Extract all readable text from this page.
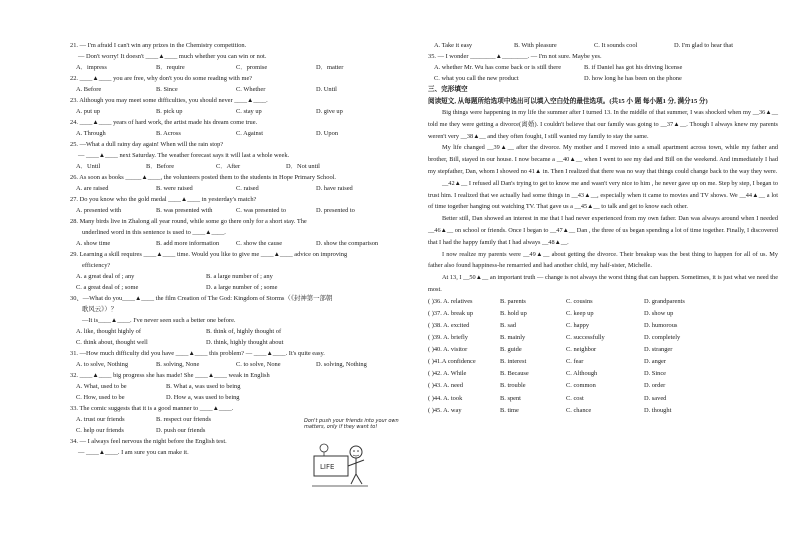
21. — I'm afraid I can't win any prizes in the Chemistry competition.
— Don't worry! It doesn't ____▲____ much whether you can win or not.
A．impress	B．require	C．promise	D．matter
22. ____▲____ you are free, why don't you do some reading with me?
A. Before	B. Since	C. Whether	D. Until
23. Although you may meet some difficulties, you should never ____▲____.
A. put up	B. pick up	C. stay up	D. give up
24. ____▲____ years of hard work, the artist made his dream come true.
A. Through	B. Across	C. Against	D. Upon
25. —What a dull rainy day again! When will the rain stop?
— ____▲____ next Saturday. The weather forecast says it will last a whole week.
A．Until	B．Before	C．After	D．Not until
26. As soon as books _____▲____, the volunteers posted them to the students in Hope Primary School.
A. are raised	B. were raised	C. raised	D. have raised
27. Do you know who the gold medal ____▲____ in yesterday's match?
A. presented with	B. was presented with	C. was presented to	D. presented to
28. Many birds live in Zhalong all year round, while some go there only for a short stay. The
underlined word in this sentence is used to ____▲____.
A. show time	B. add more information	C. show the cause	D. show the comparison
29. Learning a skill requires ____▲____ time. Would you like to give me ____▲____ advice on improving
efficiency?
A. a great deal of ; any	B. a large number of ; any
C. a great deal of ; some	D. a large number of ; some
30、—What do you____▲____ the film Creation of The God: Kingdom of Storms（《封神第一部朝
歌风云》）？
—It is____▲____. I've never seen such a better one before.
A. like, thought highly of	B. think of, highly thought of
C. think about, thought well	D. think, highly thought about
31. —How much difficulty did you have ____▲____ this problem? — ____▲____. It's quite easy.
A. to solve, Nothing	B. solving, None	C. to solve, None	D. solving, Nothing
32. ____▲____ big progress she has made! She ____▲____ weak in English
A. What, used to be	B. What a, was used to being
C. How, used to be	D. How a, was used to being
33. The comic suggests that it is a good manner to ____▲____.
A. trust our friends	B. respect our friends
C. help our friends	D. push our friends
34. — I always feel nervous the night before the English test.
— ____▲____. I am sure you can make it.
Don't push your friends into your own matters, only if they want to!
LIFE
A. Take it easy	B. With pleasure	C. It sounds cool	D. I'm glad to hear that
35. — I wonder ________▲________. — I'm not sure. Maybe yes.
A. whether Mr. Wu has come back or is still there	B. if Daniel has got his driving license
C. what you call the new product	D. how long he has been on the phone
三、完形填空
阅读短文, 从每题所给选项中选出可以填入空白处的最佳选项。(共15 小 题 每小题1 分, 满分15 分)
Big things were happening in my life the summer after I turned 13. In the middle of that summer, I was shocked when my __36▲__ told me they were getting a divorce(离婚). I couldn't believe that our family was going to __37▲__. Though I always knew my parents weren't very __38▲__ and they often fought, I still wanted my family to stay the same.
My life changed __39▲__ after the divorce. My mother and I moved into a small apartment across town, while my father and brother, Bill, stayed in our house. I now became a __40▲__ when I went to see my dad and Bill on the weekend. And immediately I had my stepfather, Dan, whom I showed no 41▲ in. Then I realized that there was no way that things could change back to the way they were.
__42▲__ I refused all Dan's trying to get to know me and wasn't very nice to him , he never gave up on me. Step by step, I began to trust him. I realized that we actually had some things in __43▲__, especially when it came to movies and TV shows. We __44▲__ a lot of time together hanging out watching TV. That gave us a __45▲__ to talk and get to know each other.
Better still, Dan showed an interest in me that I had never experienced from my own father. Dan was always around when I needed __46▲__ on school or friends. Once I began to __47▲__ Dan , the three of us began spending a lot of time together. Finally, I discovered that I had the happy family that I had always __48▲__.
I now realize my parents were __49▲__ about getting the divorce. Their breakup was the best thing to happen for all of us. My father also found happiness-he remarried and had another child, my half-sister, Michelle.
At 13, I __50▲__ an important truth — change is not always the worst thing that can happen. Sometimes, it is just what we need the most.
( )36. A. relatives	B. parents	C. cousins	D. grandparents
( )37. A. break up	B. hold up	C. keep up	D. show up
( )38. A. excited	B. sad	C. happy	D. humorous
( )39. A. briefly	B. mainly	C. successfully	D. completely
( )40. A. visitor	B. guide	C. neighbor	D. stranger
( )41.A confidence	B. interest	C. fear	D. anger
( )42. A. While	B. Because	C. Although	D. Since
( )43. A. need	B. trouble	C. common	D. order
( )44. A. took	B. spent	C. cost	D. saved
( )45. A. way	B. time	C. chance	D. thought
